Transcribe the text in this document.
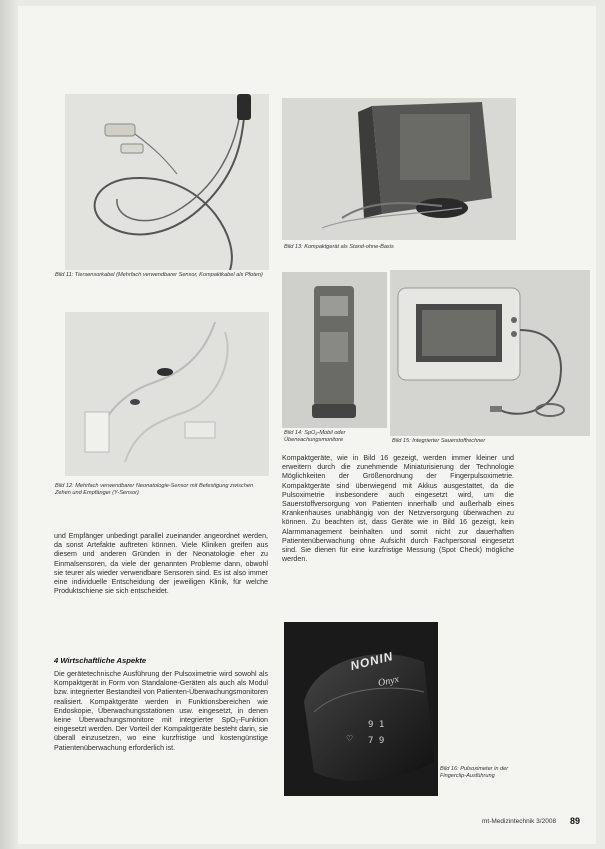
Bild 11: Tiersensorkabel (Mehrfach verwendbarer Sensor, Kompaktkabel als Pfoten)
Bild 13: Kompaktgerät als Stand-ohne-Basis
Bild 12: Mehrfach verwendbarer Neonatologie-Sensor mit Befestigung zwischen Zehen und Empfänger (Y-Sensor)
Bild 14: SpO₂-Mobil oder Überwachungsmonitore	Bild 15: Integrierter Sauerstoffrechner

Kompaktgeräte, wie in Bild 16 gezeigt, werden immer kleiner und erweitern durch die zunehmende Miniaturisierung der Technologie Möglichkeiten der Größenordnung der Fingerpulsoximetrie. Kompaktgeräte sind überwiegend mit Akkus ausgestattet, da die Pulsoximetrie insbesondere auch eingesetzt wird, um die Sauerstoffversorgung von Patienten innerhalb und außerhalb eines Krankenhauses unabhängig von der Netzversorgung überwachen zu können. Zu beachten ist, dass Geräte wie in Bild 16 gezeigt, kein Alarmmanagement beinhalten und somit nicht zur dauerhaften Patientenüberwachung ohne Aufsicht durch Fachpersonal eingesetzt sind. Sie dienen für eine kurzfristige Messung (Spot Check) mögliche werden.

und Empfänger unbedingt parallel zueinander angeordnet werden, da sonst Artefakte auftreten können. Viele Kliniken greifen aus diesem und anderen Gründen in der Neonatologie eher zu Einmalsensoren, da viele der genannten Probleme dann, obwohl sie teurer als wieder verwendbare Sensoren sind. Es ist also immer eine individuelle Entscheidung der jeweiligen Klinik, für welche Produktschiene sie sich entscheidet.

4 Wirtschaftliche Aspekte

Die gerätetechnische Ausführung der Pulsoximetrie wird sowohl als Kompaktgerät in Form von Standalone-Geräten als auch als Modul bzw. integrierter Bestandteil von Patienten-Überwachungsmonitoren realisiert. Kompaktgeräte werden in Funktionsbereichen wie Endoskopie, Überwachungsstationen usw. eingesetzt, in denen keine Überwachungsmonitore mit integrierter SpO₂-Funktion eingesetzt werden. Der Vorteil der Kompaktgeräte besteht darin, sie überall einzusetzen, wo eine kurzfristige und kostengünstige Patientenüberwachung erforderlich ist.

NONIN
Onyx
9 1
7 9
♡
Bild 16: Pulsoximeter in der Fingerclip-Ausführung
mt-Medizintechnik 3/2008 89
